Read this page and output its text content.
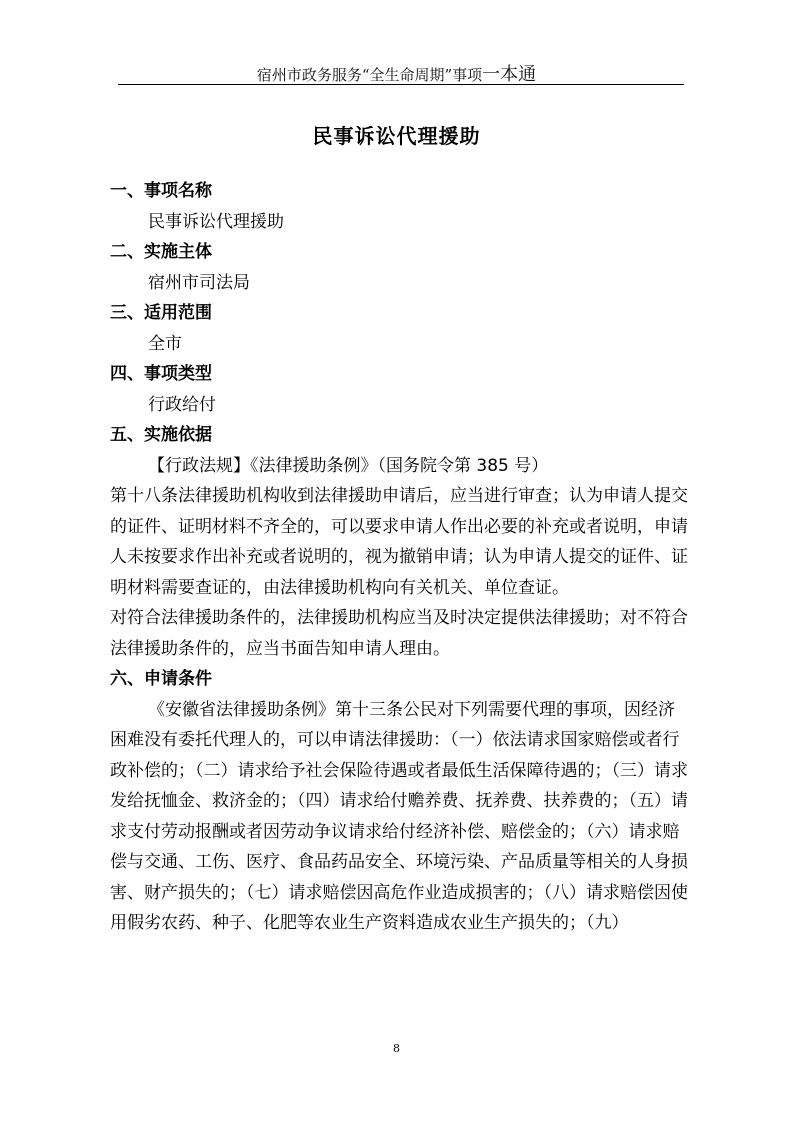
宿州市政务服务“全生命周期”事项一本通
民事诉讼代理援助

一、事项名称

民事诉讼代理援助

二、实施主体

宿州市司法局

三、适用范围

全市

四、事项类型

行政给付

五、实施依据

【行政法规】《法律援助条例》（国务院令第 385 号）

第十八条法律援助机构收到法律援助申请后，应当进行审查；认为申请人提交的证件、证明材料不齐全的，可以要求申请人作出必要的补充或者说明，申请人未按要求作出补充或者说明的，视为撤销申请；认为申请人提交的证件、证明材料需要查证的，由法律援助机构向有关机关、单位查证。

对符合法律援助条件的，法律援助机构应当及时决定提供法律援助；对不符合法律援助条件的，应当书面告知申请人理由。

六、申请条件

《安徽省法律援助条例》第十三条公民对下列需要代理的事项，因经济困难没有委托代理人的，可以申请法律援助：（一）依法请求国家赔偿或者行政补偿的；（二）请求给予社会保险待遇或者最低生活保障待遇的；（三）请求发给抚恤金、救济金的；（四）请求给付赡养费、抚养费、扶养费的；（五）请求支付劳动报酬或者因劳动争议请求给付经济补偿、赔偿金的；（六）请求赔偿与交通、工伤、医疗、食品药品安全、环境污染、产品质量等相关的人身损害、财产损失的；（七）请求赔偿因高危作业造成损害的；（八）请求赔偿因使用假劣农药、种子、化肥等农业生产资料造成农业生产损失的；（九）

8
